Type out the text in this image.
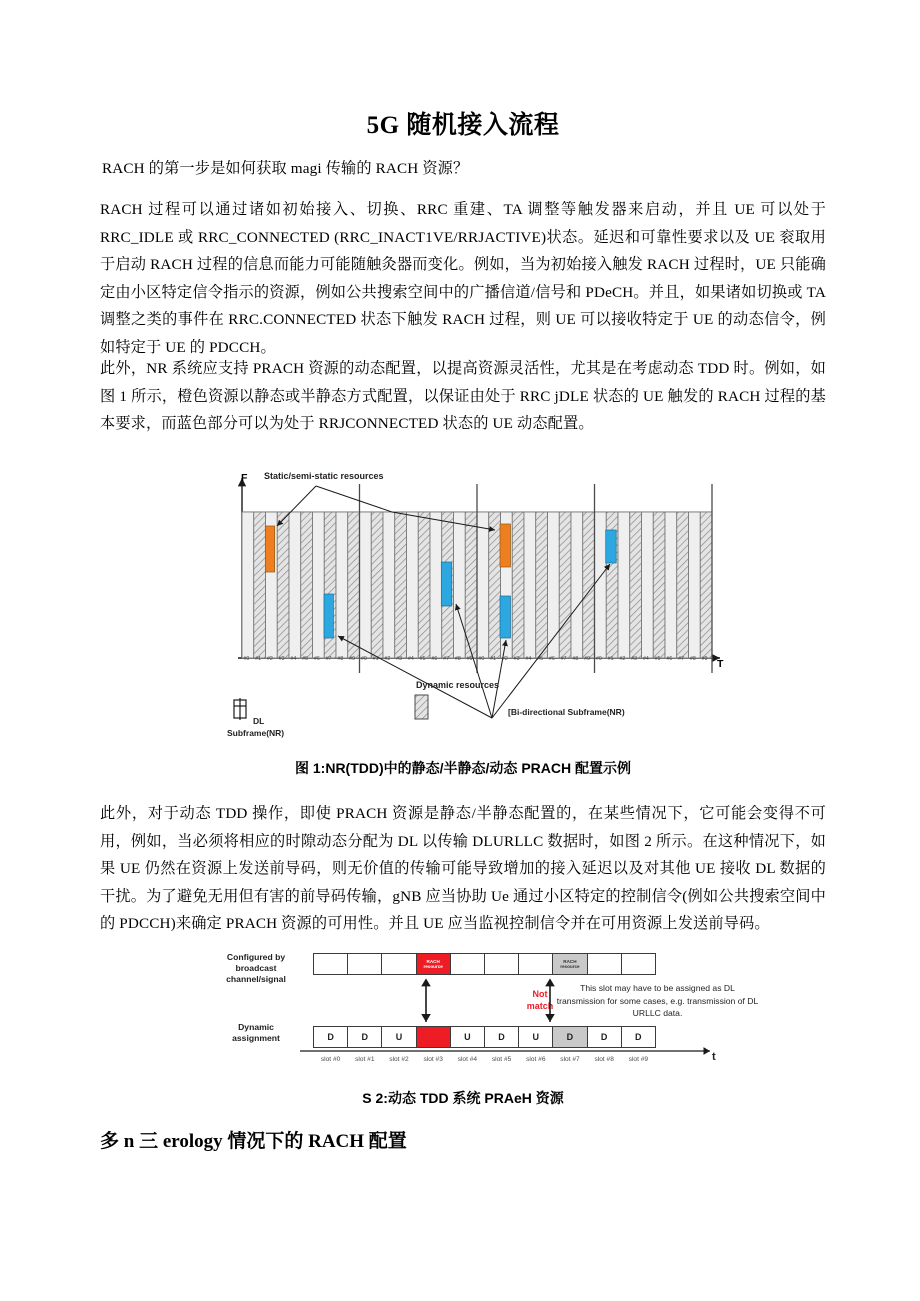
5G 随机接入流程

RACH 的第一步是如何获取 magi 传输的 RACH 资源？

RACH 过程可以通过诸如初始接入、切换、RRC 重建、TA 调整等触发器来启动，并且 UE 可以处于RRC_IDLE 或 RRC_CONNECTED (RRC_INACT1VE/RRJACTIVE)状态。延迟和可靠性要求以及 UE 衮取用于启动 RACH 过程的信息而能力可能随触灸器而变化。例如，当为初始接入触发 RACH 过程时，UE 只能确定由小区特定信令指示的资源，例如公共搜索空间中的广播信道/信号和 PDeCH。并且，如果诸如切换或 TA 调整之类的事件在 RRC.CONNECTED 状态下触发 RACH 过程，则 UE 可以接收特定于 UE 的动态信令，例如特定于 UE 的 PDCCH。

此外，NR 系统应支持 PRACH 资源的动态配置，以提高资源灵活性，尤其是在考虑动态 TDD 时。例如，如图 1 所示，橙色资源以静态或半静态方式配置，以保证由处于 RRC jDLE 状态的 UE 触发的 RACH 过程的基本要求，而蓝色部分可以为处于 RRJCONNECTED 状态的 UE 动态配置。

F
T
Static/semi-static resources
Dynamic resources
DL
Subframe(NR)
[Bi-directional Subframe(NR)
#0 #1 #2 #3 #4 #5 #6 #7 #8 #9 #0 #1 #2 #3 #4 #5 #6 #7 #8 #9 #0 #1 #2 #3 #4 #5 #6 #7 #8 #9 #0 #1 #2 #3 #4 #5 #6 #7 #8 #9
图 1:NR(TDD)中的静态/半静态/动态 PRACH 配置示例

此外，对于动态 TDD 操作，即使 PRACH 资源是静态/半静态配置的，在某些情况下，它可能会变得不可用，例如，当必须将相应的时隙动态分配为 DL 以传输 DLURLLC 数据时，如图 2 所示。在这种情况下，如果 UE 仍然在资源上发送前导码，则无价值的传输可能导致增加的接入延迟以及对其他 UE 接收 DL 数据的干扰。为了避免无用但有害的前导码传输，gNB 应当协助 Ue 通过小区特定的控制信令(例如公共搜索空间中的 PDCCH)来确定 PRACH 资源的可用性。并且 UE 应当监视控制信令并在可用资源上发送前导码。

Configured by
broadcast
channel/signal
Dynamic
assignment
RACH
resource
RACH
resource
D	D	U	U	U	D	U	D	D	D
slot #0	slot #1	slot #2	slot #3	slot #4	slot #5	slot #6	slot #7	slot #8	slot #9
Not match
This slot may have to be assigned as DL transmission for some cases, e.g. transmission of DL URLLC data.
t
S 2:动态 TDD 系统 PRAeH 资源
多 n 三 erology 情况下的 RACH 配置
